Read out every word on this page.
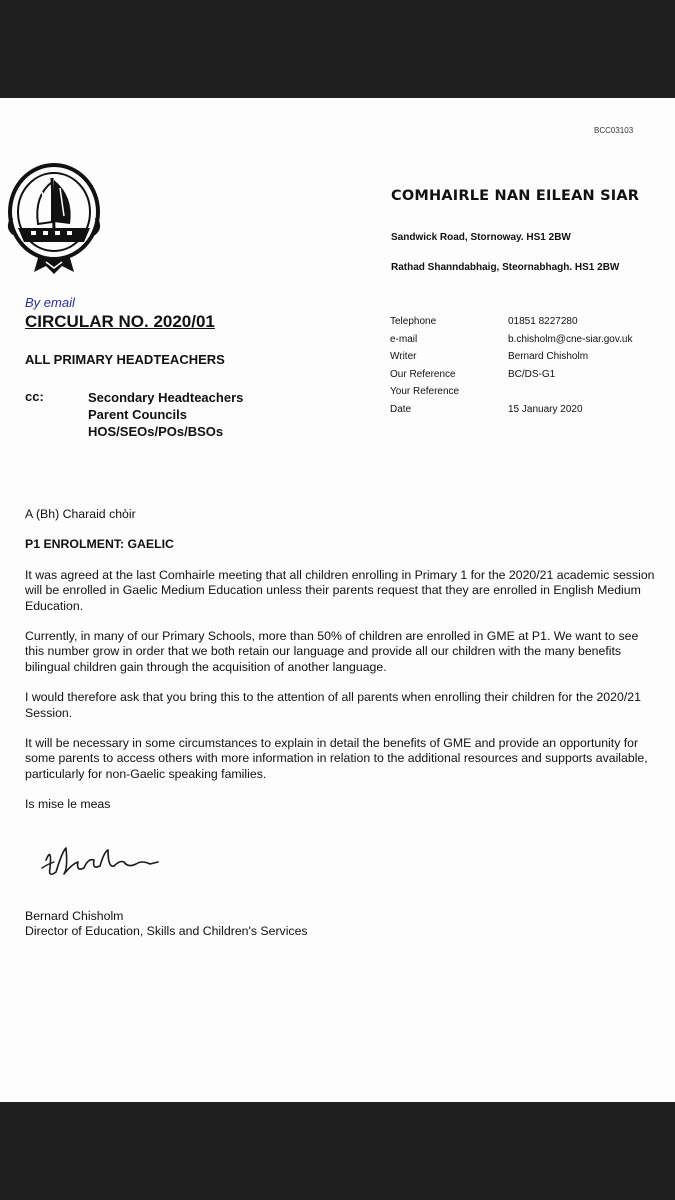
BCC03103
COMHAIRLE NAN EILEAN SIAR
Sandwick Road, Stornoway. HS1 2BW
Rathad Shanndabhaig, Steornabhagh. HS1 2BW
By email
CIRCULAR NO. 2020/01
ALL PRIMARY HEADTEACHERS
cc:	Secondary Headteachers
Parent Councils
HOS/SEOs/POs/BSOs
Telephone	01851 8227280
e-mail	b.chisholm@cne-siar.gov.uk
Writer	Bernard Chisholm
Our Reference	BC/DS-G1
Your Reference	
Date	15 January 2020

A (Bh) Charaid chòir

P1 ENROLMENT: GAELIC

It was agreed at the last Comhairle meeting that all children enrolling in Primary 1 for the 2020/21 academic session will be enrolled in Gaelic Medium Education unless their parents request that they are enrolled in English Medium Education.

Currently, in many of our Primary Schools, more than 50% of children are enrolled in GME at P1. We want to see this number grow in order that we both retain our language and provide all our children with the many benefits bilingual children gain through the acquisition of another language.

I would therefore ask that you bring this to the attention of all parents when enrolling their children for the 2020/21 Session.

It will be necessary in some circumstances to explain in detail the benefits of GME and provide an opportunity for some parents to access others with more information in relation to the additional resources and supports available, particularly for non-Gaelic speaking families.

Is mise le meas

Bernard Chisholm
Director of Education, Skills and Children's Services
